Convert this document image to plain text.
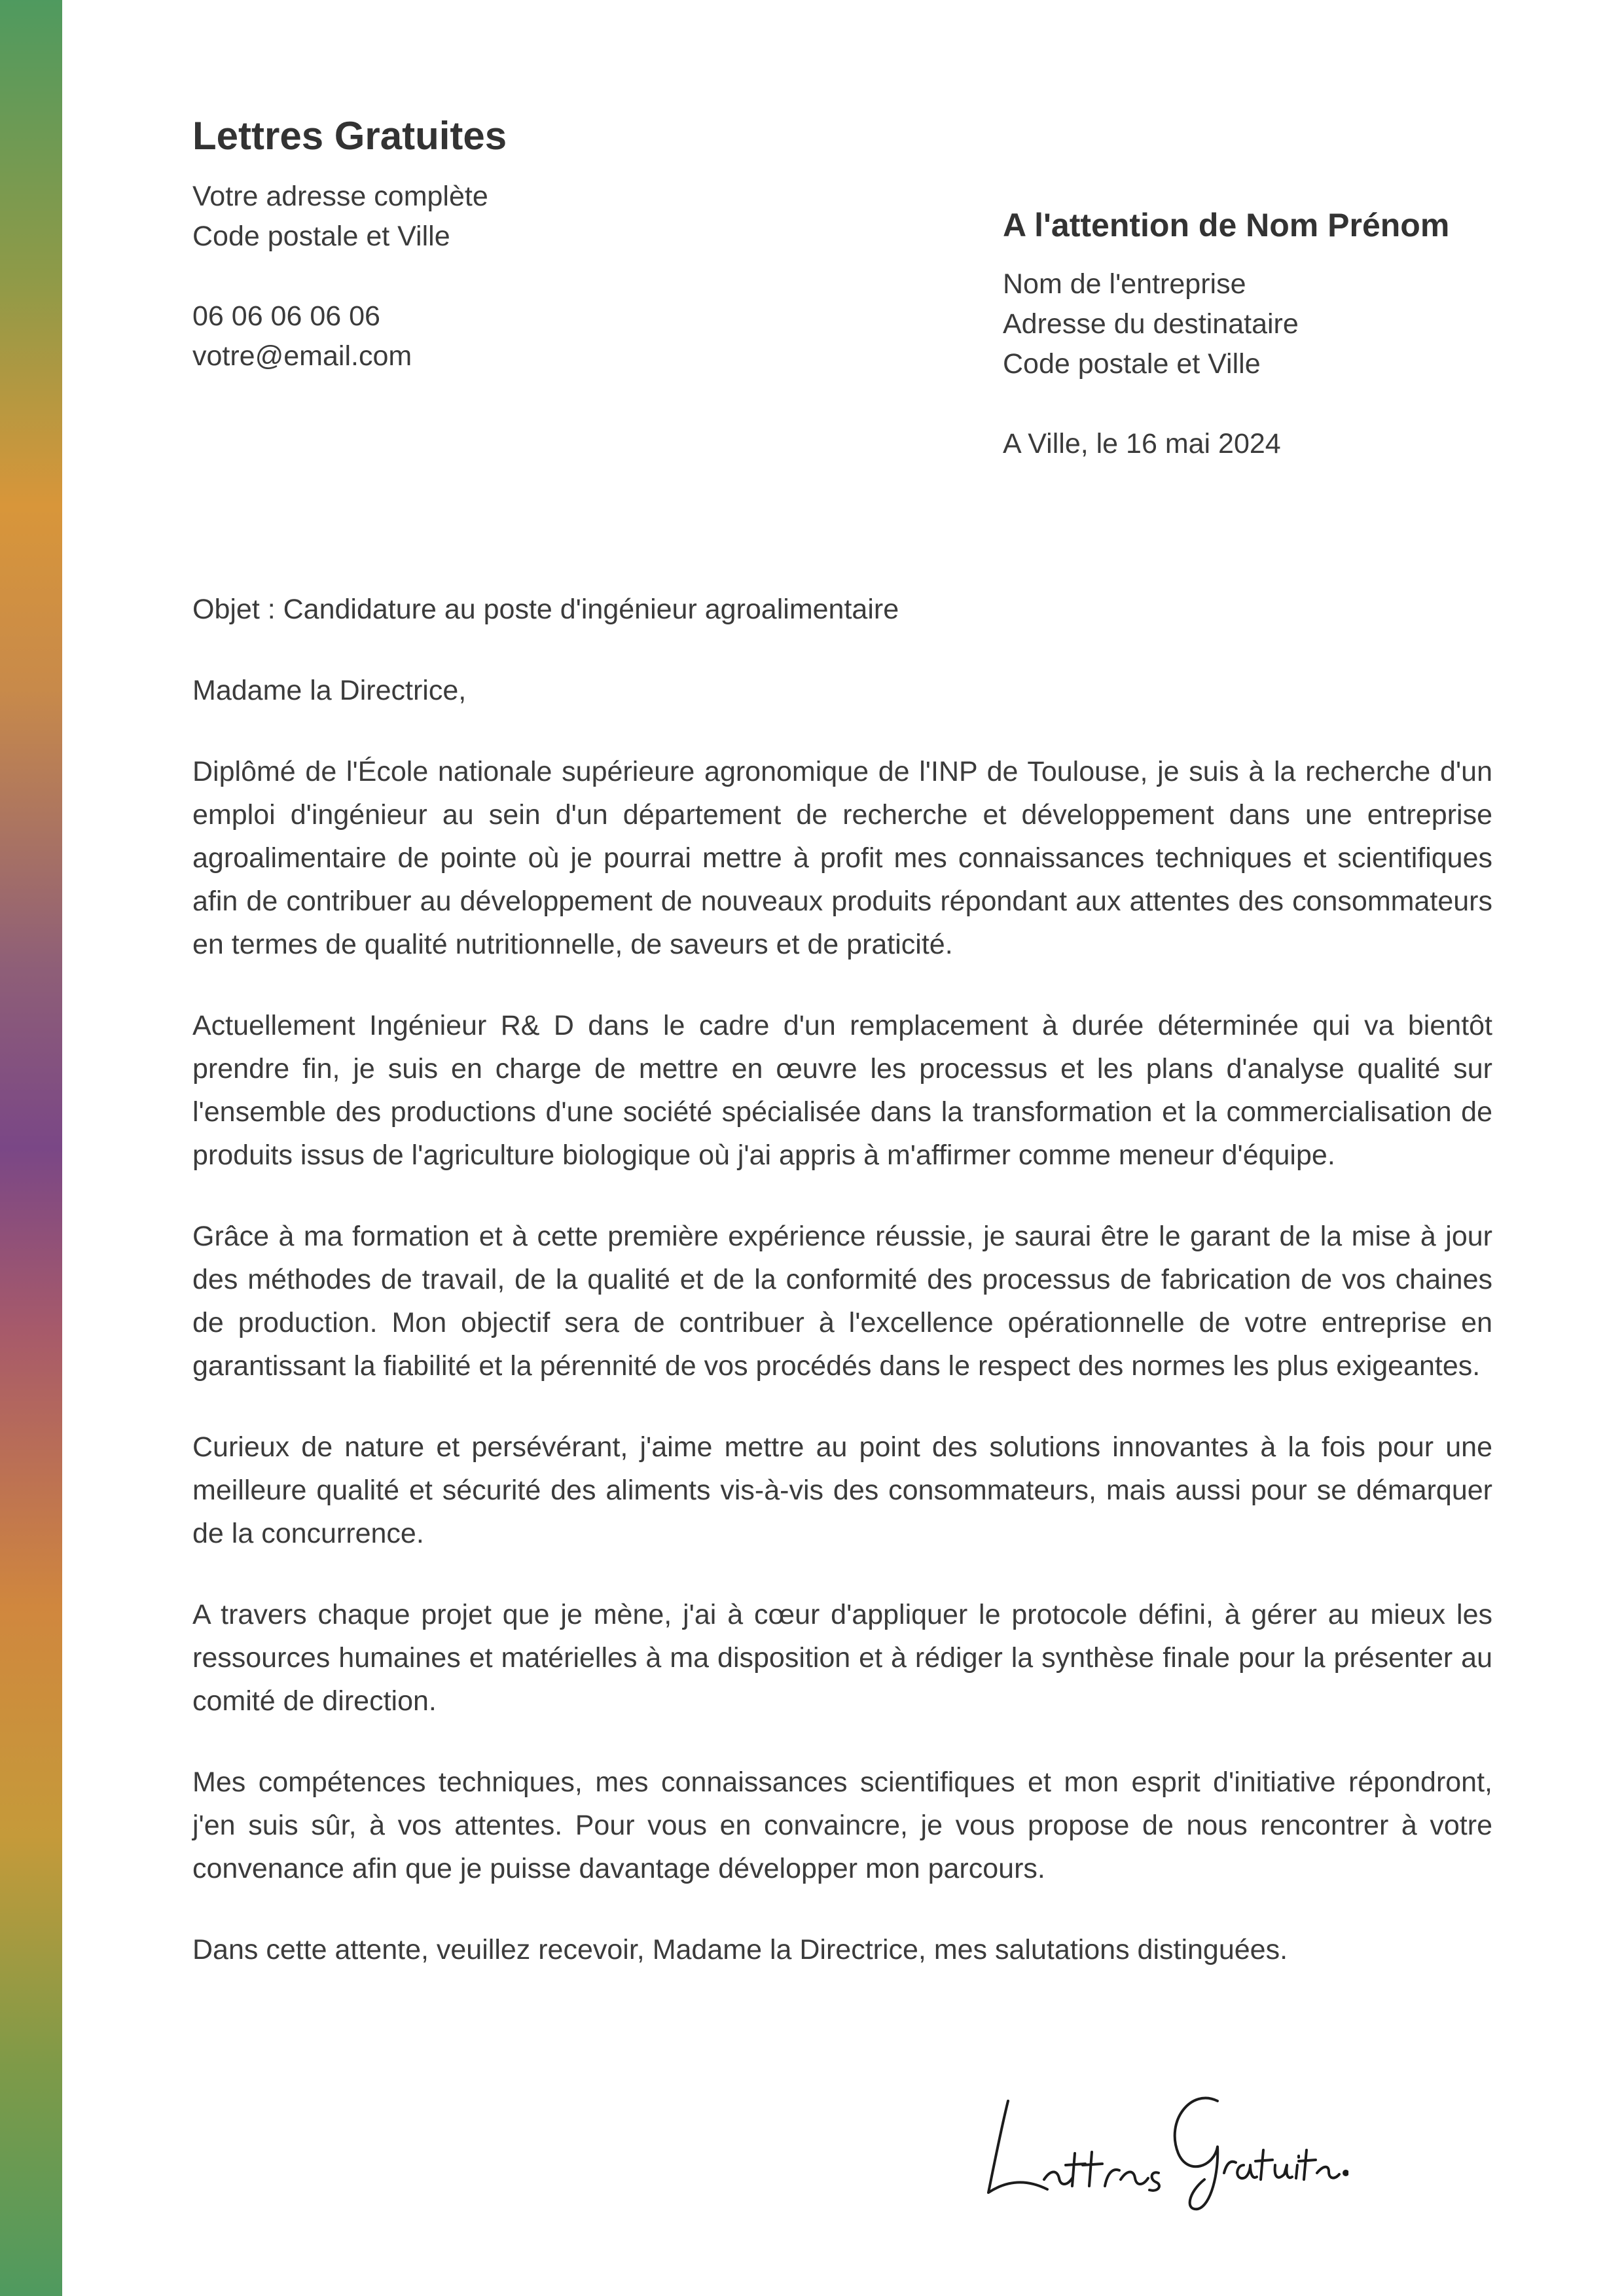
Lettres Gratuites
Votre adresse complète
Code postale et Ville
06 06 06 06 06
votre@email.com
A l'attention de Nom Prénom
Nom de l'entreprise
Adresse du destinataire
Code postale et Ville
A Ville, le 16 mai 2024

Objet : Candidature au poste d'ingénieur agroalimentaire

Madame la Directrice,

Diplômé de l'École nationale supérieure agronomique de l'INP de Toulouse, je suis à la recherche d'un emploi d'ingénieur au sein d'un département de recherche et développement dans une entreprise agroalimentaire de pointe où je pourrai mettre à profit mes connaissances techniques et scientifiques afin de contribuer au développement de nouveaux produits répondant aux attentes des consommateurs en termes de qualité nutritionnelle, de saveurs et de praticité.

Actuellement Ingénieur R& D dans le cadre d'un remplacement à durée déterminée qui va bientôt prendre fin, je suis en charge de mettre en œuvre les processus et les plans d'analyse qualité sur l'ensemble des productions d'une société spécialisée dans la transformation et la commercialisation de produits issus de l'agriculture biologique où j'ai appris à m'affirmer comme meneur d'équipe.

Grâce à ma formation et à cette première expérience réussie, je saurai être le garant de la mise à jour des méthodes de travail, de la qualité et de la conformité des processus de fabrication de vos chaines de production. Mon objectif sera de contribuer à l'excellence opérationnelle de votre entreprise en garantissant la fiabilité et la pérennité de vos procédés dans le respect des normes les plus exigeantes.

Curieux de nature et persévérant, j'aime mettre au point des solutions innovantes à la fois pour une meilleure qualité et sécurité des aliments vis-à-vis des consommateurs, mais aussi pour se démarquer de la concurrence.

A travers chaque projet que je mène, j'ai à cœur d'appliquer le protocole défini, à gérer au mieux les ressources humaines et matérielles à ma disposition et à rédiger la synthèse finale pour la présenter au comité de direction.

Mes compétences techniques, mes connaissances scientifiques et mon esprit d'initiative répondront, j'en suis sûr, à vos attentes. Pour vous en convaincre, je vous propose de nous rencontrer à votre convenance afin que je puisse davantage développer mon parcours.

Dans cette attente, veuillez recevoir, Madame la Directrice, mes salutations distinguées.
